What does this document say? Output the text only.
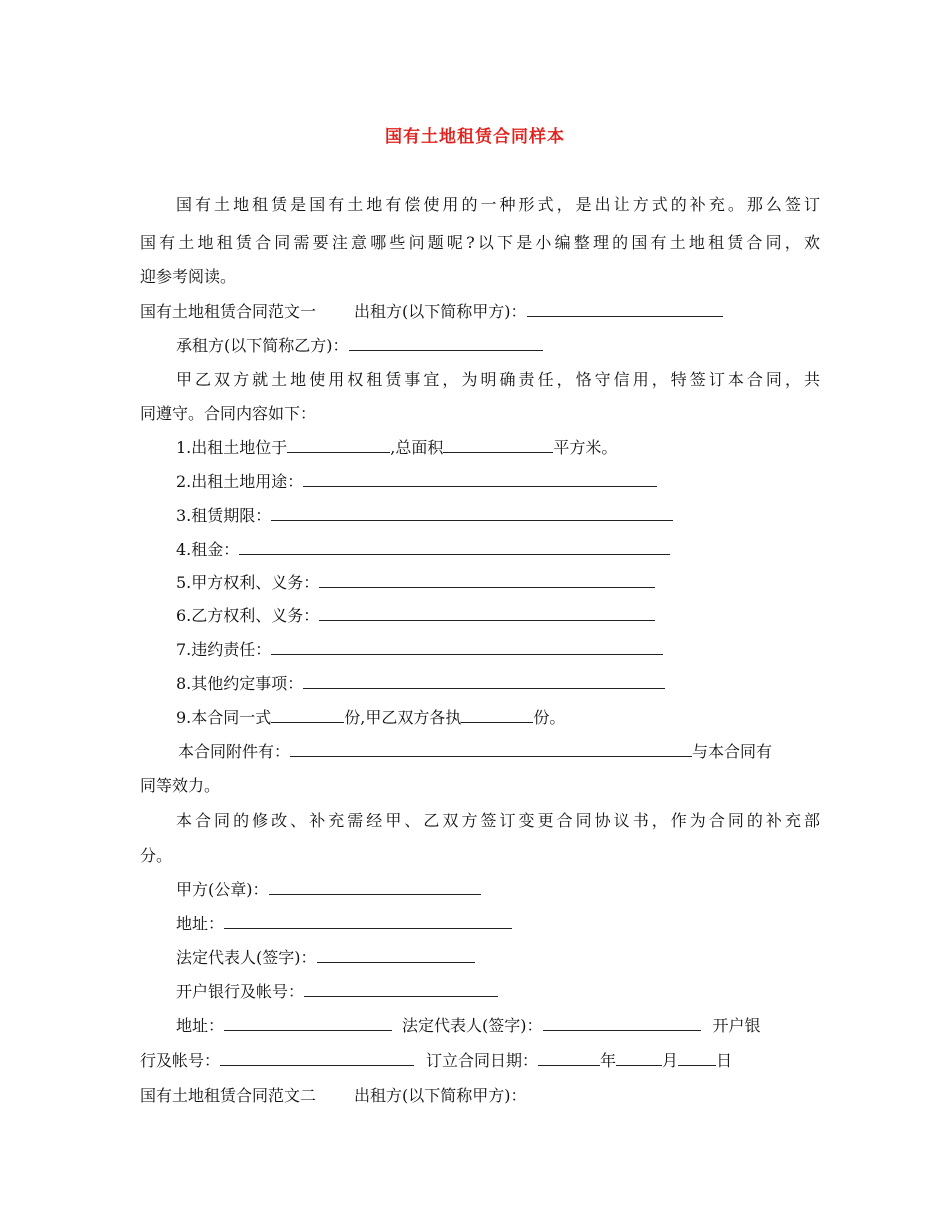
国有土地租赁合同样本
国有土地租赁是国有土地有偿使用的一种形式，是出让方式的补充。那么签订
国有土地租赁合同需要注意哪些问题呢?以下是小编整理的国有土地租赁合同，欢
迎参考阅读。
国有土地租赁合同范文一 出租方(以下简称甲方)：
承租方(以下简称乙方)：
甲乙双方就土地使用权租赁事宜，为明确责任，恪守信用，特签订本合同，共
同遵守。合同内容如下：
1.出租土地位于	,总面积	平方米。
2.出租土地用途：
3.租赁期限：
4.租金：
5.甲方权利、义务：
6.乙方权利、义务：
7.违约责任：
8.其他约定事项：
9.本合同一式	份,甲乙双方各执	份。
本合同附件有：	与本合同有
同等效力。
本合同的修改、补充需经甲、乙双方签订变更合同协议书，作为合同的补充部
分。
甲方(公章)：
地址：
法定代表人(签字)：
开户银行及帐号：
地址：	法定代表人(签字)：	开户银
行及帐号：	订立合同日期：	年	月 日
国有土地租赁合同范文二 出租方(以下简称甲方)：
